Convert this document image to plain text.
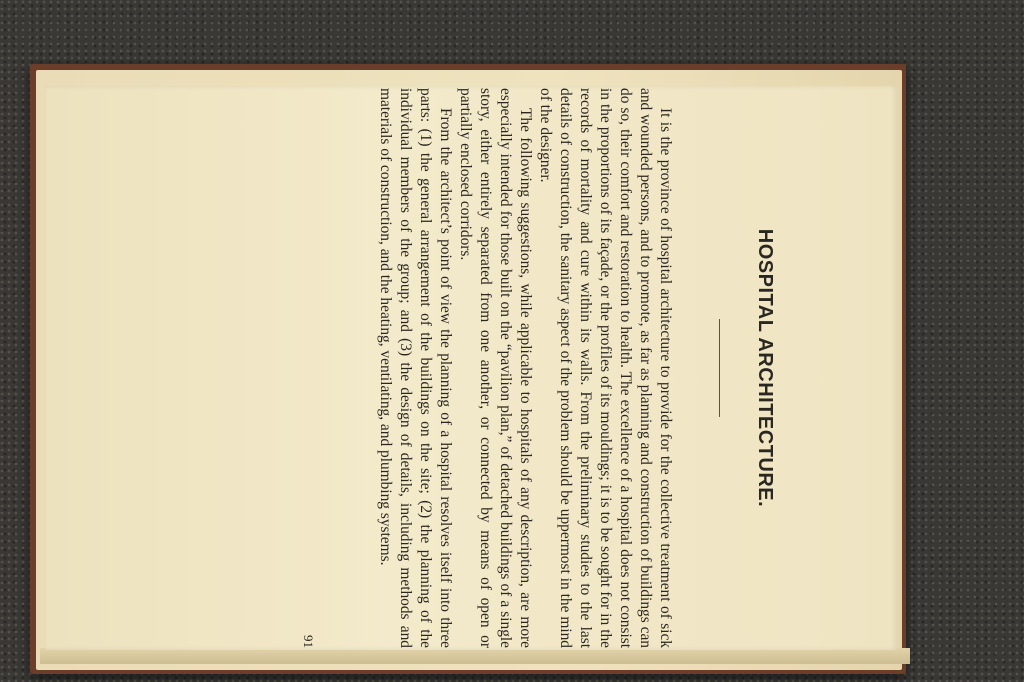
HOSPITAL ARCHITECTURE.

It is the province of hospital architecture to provide for the collective treatment of sick and wounded persons, and to promote, as far as planning and construction of buildings can do so, their comfort and restoration to health. The excellence of a hospital does not consist in the proportions of its façade, or the profiles of its mouldings; it is to be sought for in the records of mortality and cure within its walls. From the preliminary studies to the last details of construction, the sanitary aspect of the problem should be uppermost in the mind of the designer.

The following suggestions, while applicable to hospitals of any description, are more especially intended for those built on the “pavilion plan,” of detached buildings of a single story, either entirely separated from one another, or connected by means of open or partially enclosed corridors.

From the architect’s point of view the planning of a hospital resolves itself into three parts: (1) the general arrangement of the buildings on the site; (2) the planning of the individual members of the group; and (3) the design of details, including methods and materials of construction, and the heating, ventilating, and plumbing systems.

91
